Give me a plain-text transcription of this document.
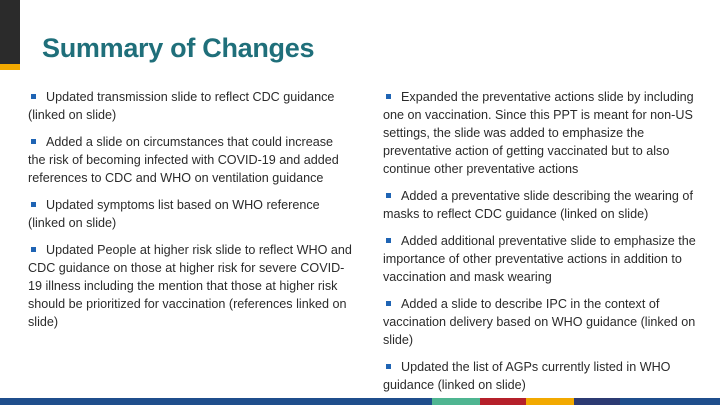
Summary of Changes
Updated transmission slide to reflect CDC guidance (linked on slide)
Added a slide on circumstances that could increase the risk of becoming infected with COVID-19 and added references to CDC and WHO on ventilation guidance
Updated symptoms list based on WHO reference (linked on slide)
Updated People at higher risk slide to reflect WHO and CDC guidance on those at higher risk for severe COVID-19 illness including the mention that those at higher risk should be prioritized for vaccination (references linked on slide)
Expanded the preventative actions slide by including one on vaccination. Since this PPT is meant for non-US settings, the slide was added to emphasize the preventative action of getting vaccinated but to also continue other preventative actions
Added a preventative slide describing the wearing of masks to reflect CDC guidance (linked on slide)
Added additional preventative slide to emphasize the importance of other preventative actions in addition to vaccination and mask wearing
Added a slide to describe IPC in the context of vaccination delivery based on WHO guidance (linked on slide)
Updated the list of AGPs currently listed in WHO guidance (linked on slide)
